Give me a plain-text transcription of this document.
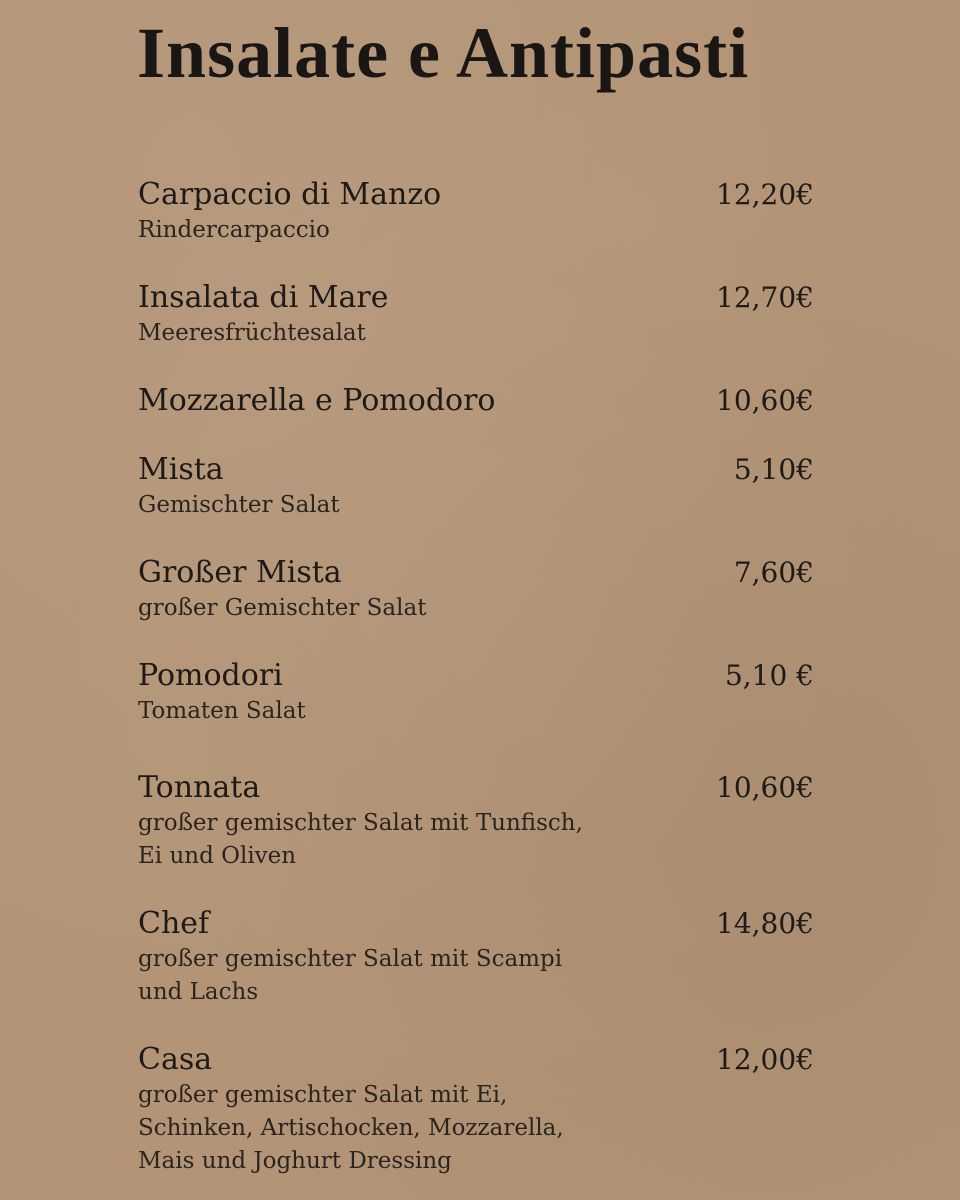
Insalate e Antipasti
Carpaccio di Manzo
Rindercarpaccio
12,20€
Insalata di Mare
Meeresfrüchtesalat
12,70€
Mozzarella e Pomodoro	10,60€
Mista
Gemischter Salat
5,10€
Großer Mista
großer Gemischter Salat
7,60€
Pomodori
Tomaten Salat
5,10 €
Tonnata
großer gemischter Salat mit Tunfisch, Ei und Oliven
10,60€
Chef
großer gemischter Salat mit Scampi und Lachs
14,80€
Casa
großer gemischter Salat mit Ei, Schinken, Artischocken, Mozzarella, Mais und Joghurt Dressing
12,00€
